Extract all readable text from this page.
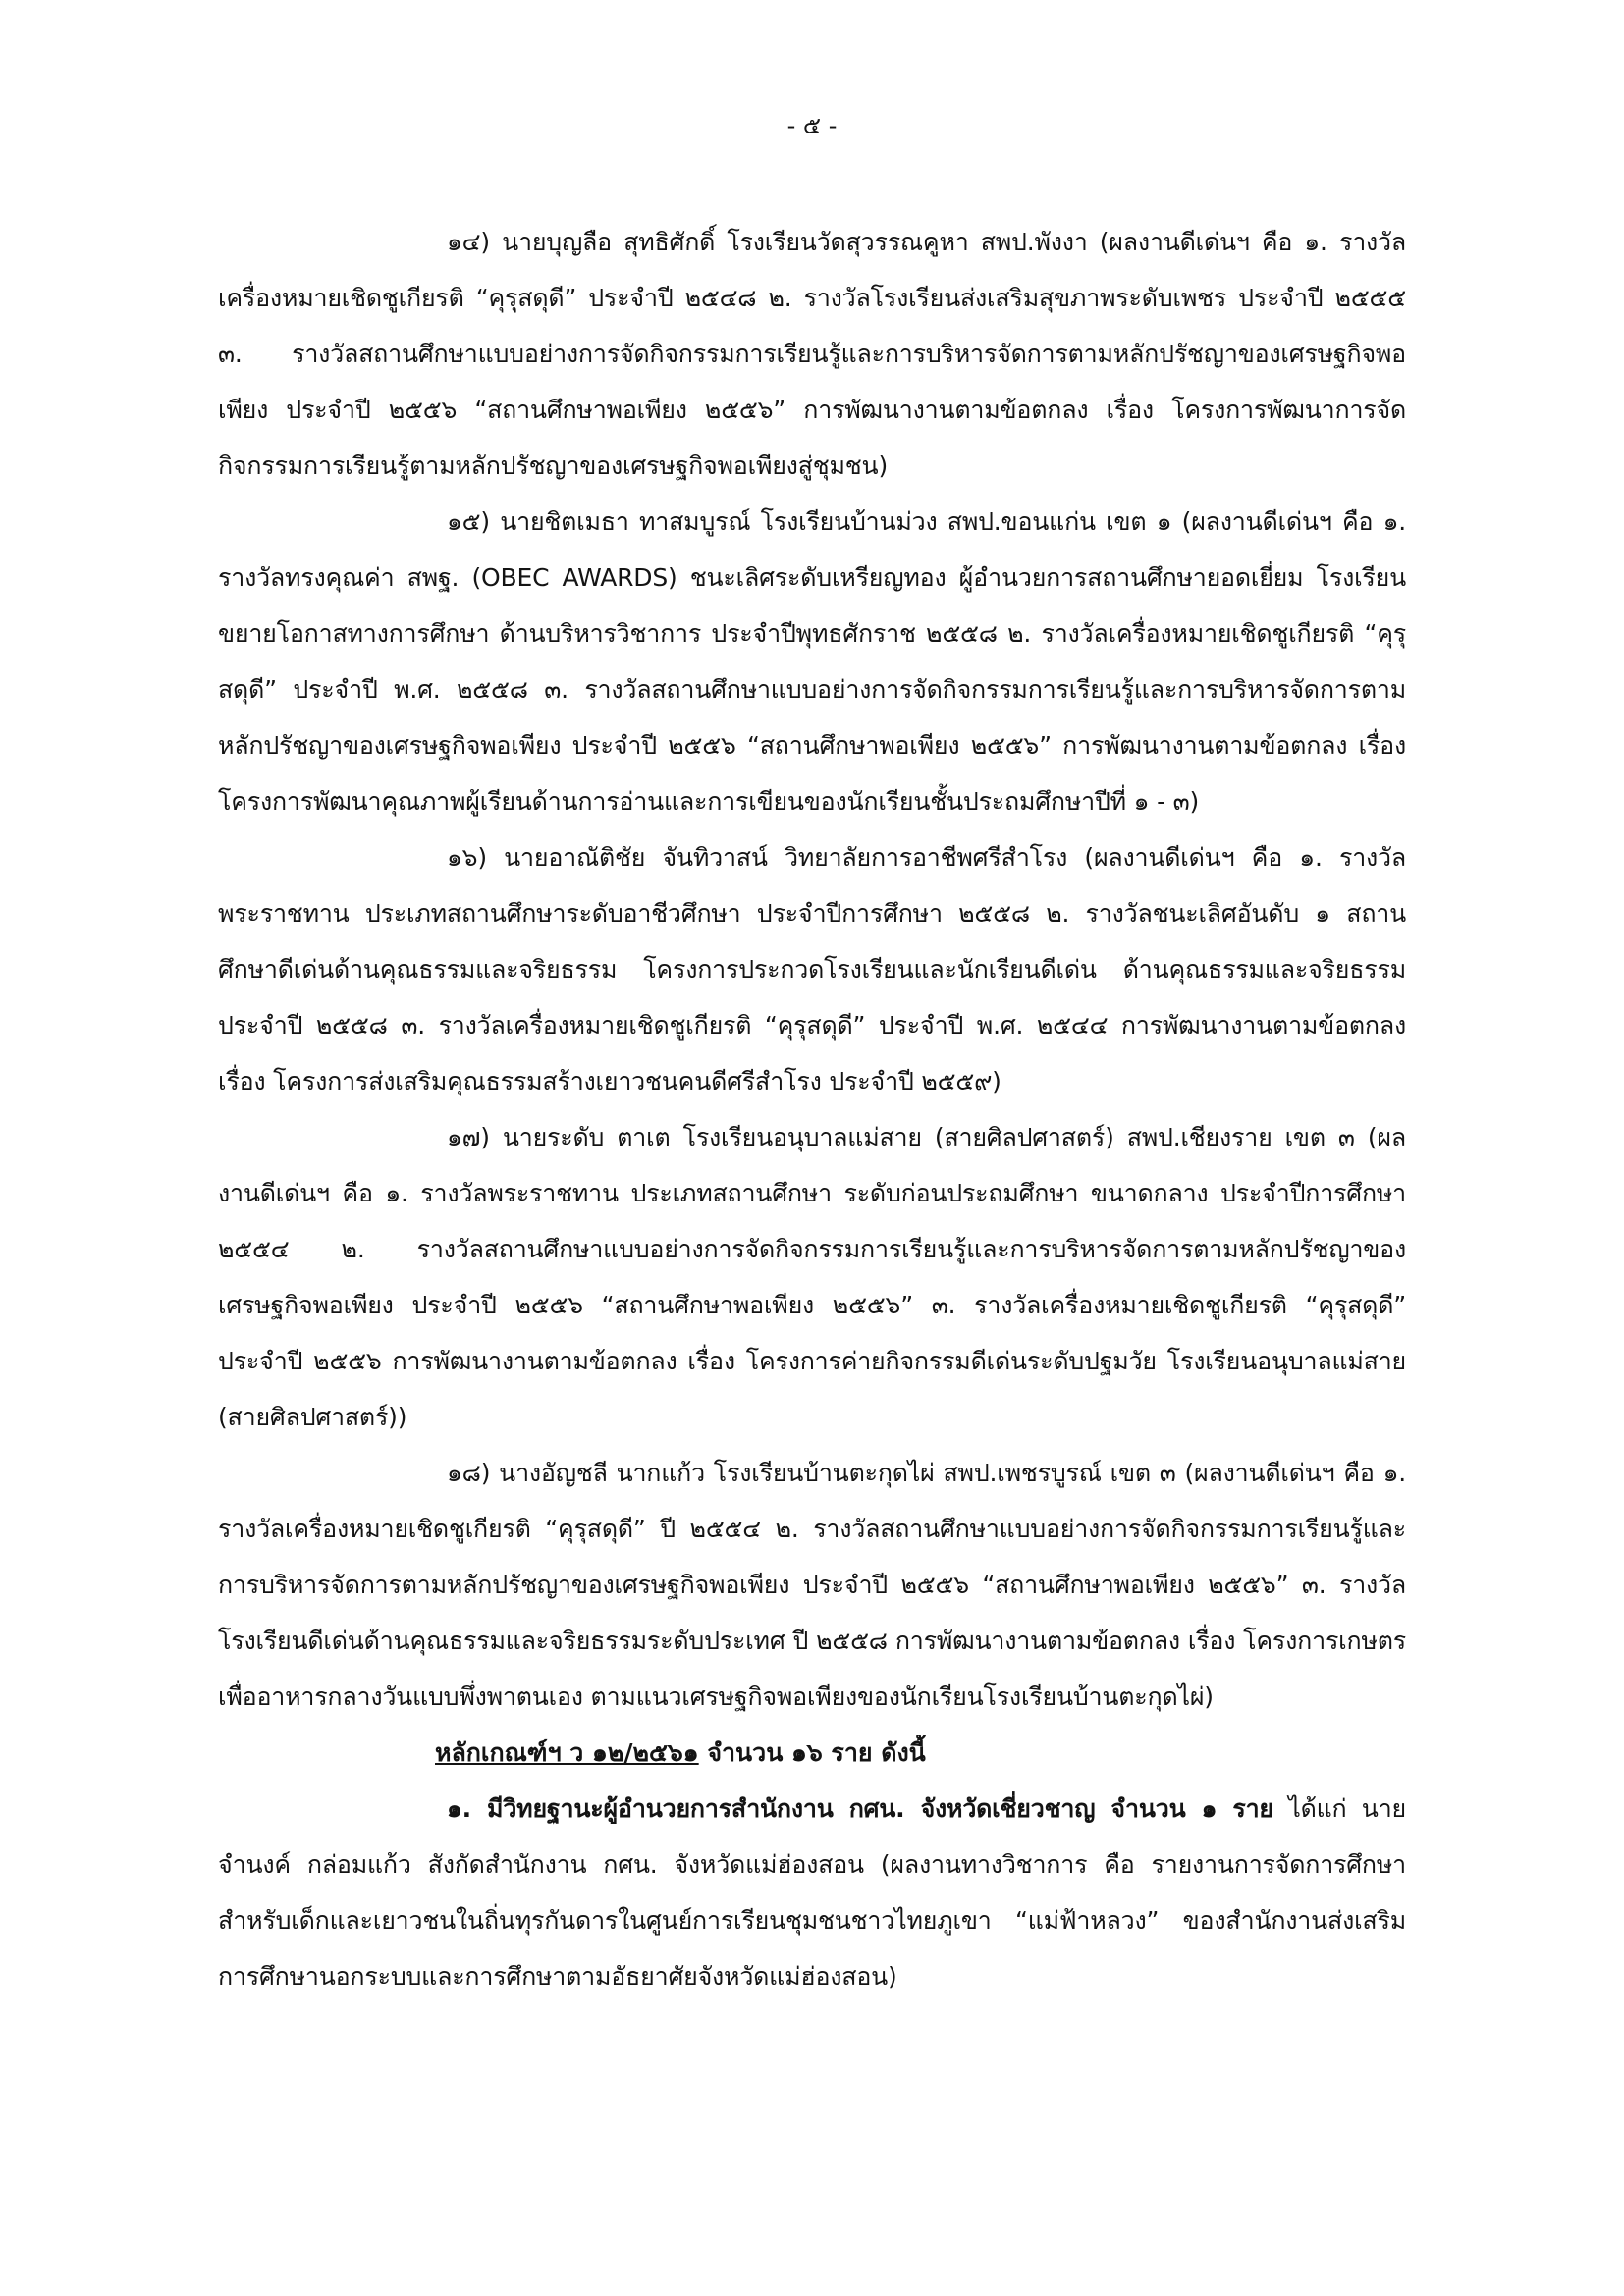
- ๕ -

๑๔) นายบุญลือ สุทธิศักดิ์ โรงเรียนวัดสุวรรณคูหา สพป.พังงา (ผลงานดีเด่นฯ คือ ๑. รางวัลเครื่องหมายเชิดชูเกียรติ “คุรุสดุดี” ประจำปี ๒๕๔๘ ๒. รางวัลโรงเรียนส่งเสริมสุขภาพระดับเพชร ประจำปี ๒๕๕๕ ๓. รางวัลสถานศึกษาแบบอย่างการจัดกิจกรรมการเรียนรู้และการบริหารจัดการตามหลักปรัชญาของเศรษฐกิจพอเพียง ประจำปี ๒๕๕๖ “สถานศึกษาพอเพียง ๒๕๕๖” การพัฒนางานตามข้อตกลง เรื่อง โครงการพัฒนาการจัดกิจกรรมการเรียนรู้ตามหลักปรัชญาของเศรษฐกิจพอเพียงสู่ชุมชน)

๑๕) นายชิตเมธา ทาสมบูรณ์ โรงเรียนบ้านม่วง สพป.ขอนแก่น เขต ๑ (ผลงานดีเด่นฯ คือ ๑. รางวัลทรงคุณค่า สพฐ. (OBEC AWARDS) ชนะเลิศระดับเหรียญทอง ผู้อำนวยการสถานศึกษายอดเยี่ยม โรงเรียนขยายโอกาสทางการศึกษา ด้านบริหารวิชาการ ประจำปีพุทธศักราช ๒๕๕๘ ๒. รางวัลเครื่องหมายเชิดชูเกียรติ “คุรุสดุดี” ประจำปี พ.ศ. ๒๕๕๘ ๓. รางวัลสถานศึกษาแบบอย่างการจัดกิจกรรมการเรียนรู้และการบริหารจัดการตามหลักปรัชญาของเศรษฐกิจพอเพียง ประจำปี ๒๕๕๖ “สถานศึกษาพอเพียง ๒๕๕๖” การพัฒนางานตามข้อตกลง เรื่อง โครงการพัฒนาคุณภาพผู้เรียนด้านการอ่านและการเขียนของนักเรียนชั้นประถมศึกษาปีที่ ๑ - ๓)

๑๖) นายอาณัติชัย จันทิวาสน์ วิทยาลัยการอาชีพศรีสำโรง (ผลงานดีเด่นฯ คือ ๑. รางวัลพระราชทาน ประเภทสถานศึกษาระดับอาชีวศึกษา ประจำปีการศึกษา ๒๕๕๘ ๒. รางวัลชนะเลิศอันดับ ๑ สถานศึกษาดีเด่นด้านคุณธรรมและจริยธรรม โครงการประกวดโรงเรียนและนักเรียนดีเด่น ด้านคุณธรรมและจริยธรรม ประจำปี ๒๕๕๘ ๓. รางวัลเครื่องหมายเชิดชูเกียรติ “คุรุสดุดี” ประจำปี พ.ศ. ๒๕๔๔ การพัฒนางานตามข้อตกลง เรื่อง โครงการส่งเสริมคุณธรรมสร้างเยาวชนคนดีศรีสำโรง ประจำปี ๒๕๕๙)

๑๗) นายระดับ ตาเต โรงเรียนอนุบาลแม่สาย (สายศิลปศาสตร์) สพป.เชียงราย เขต ๓ (ผลงานดีเด่นฯ คือ ๑. รางวัลพระราชทาน ประเภทสถานศึกษา ระดับก่อนประถมศึกษา ขนาดกลาง ประจำปีการศึกษา ๒๕๕๔ ๒. รางวัลสถานศึกษาแบบอย่างการจัดกิจกรรมการเรียนรู้และการบริหารจัดการตามหลักปรัชญาของเศรษฐกิจพอเพียง ประจำปี ๒๕๕๖ “สถานศึกษาพอเพียง ๒๕๕๖” ๓. รางวัลเครื่องหมายเชิดชูเกียรติ “คุรุสดุดี” ประจำปี ๒๕๕๖ การพัฒนางานตามข้อตกลง เรื่อง โครงการค่ายกิจกรรมดีเด่นระดับปฐมวัย โรงเรียนอนุบาลแม่สาย (สายศิลปศาสตร์))

๑๘) นางอัญชลี นากแก้ว โรงเรียนบ้านตะกุดไผ่ สพป.เพชรบูรณ์ เขต ๓ (ผลงานดีเด่นฯ คือ ๑. รางวัลเครื่องหมายเชิดชูเกียรติ “คุรุสดุดี” ปี ๒๕๕๔ ๒. รางวัลสถานศึกษาแบบอย่างการจัดกิจกรรมการเรียนรู้และการบริหารจัดการตามหลักปรัชญาของเศรษฐกิจพอเพียง ประจำปี ๒๕๕๖ “สถานศึกษาพอเพียง ๒๕๕๖” ๓. รางวัลโรงเรียนดีเด่นด้านคุณธรรมและจริยธรรมระดับประเทศ ปี ๒๕๕๘ การพัฒนางานตามข้อตกลง เรื่อง โครงการเกษตรเพื่ออาหารกลางวันแบบพึ่งพาตนเอง ตามแนวเศรษฐกิจพอเพียงของนักเรียนโรงเรียนบ้านตะกุดไผ่)

หลักเกณฑ์ฯ ว ๑๒/๒๕๖๑ จำนวน ๑๖ ราย ดังนี้

๑. มีวิทยฐานะผู้อำนวยการสำนักงาน กศน. จังหวัดเชี่ยวชาญ จำนวน ๑ ราย ได้แก่ นายจำนงค์ กล่อมแก้ว สังกัดสำนักงาน กศน. จังหวัดแม่ฮ่องสอน (ผลงานทางวิชาการ คือ รายงานการจัดการศึกษาสำหรับเด็กและเยาวชนในถิ่นทุรกันดารในศูนย์การเรียนชุมชนชาวไทยภูเขา “แม่ฟ้าหลวง” ของสำนักงานส่งเสริมการศึกษานอกระบบและการศึกษาตามอัธยาศัยจังหวัดแม่ฮ่องสอน)
